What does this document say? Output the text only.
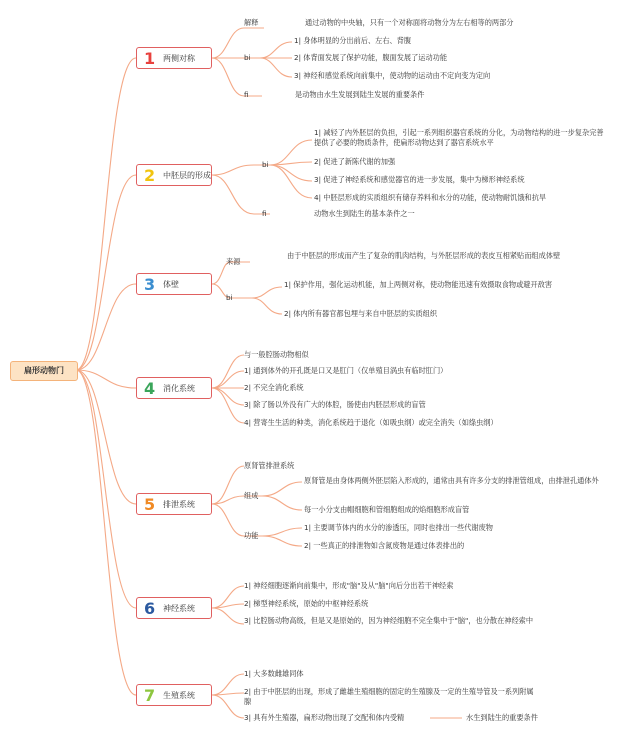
扁形动物门
1 两侧对称
解释	通过动物的中央轴，只有一个对称面将动物分为左右相等的两部分
bi
1| 身体明显的分出前后、左右、背腹
2| 体背面发展了保护功能，腹面发展了运动功能
3| 神经和感觉系统向前集中，使动物的运动由不定向变为定向
fi	是动物由水生发展到陆生发展的重要条件
2 中胚层的形成
bi
1| 减轻了内外胚层的负担，引起一系列组织器官系统的分化，为动物结构的进一步复杂完善提供了必要的物质条件，使扁形动物达到了器官系统水平
2| 促进了新陈代谢的加强
3| 促进了神经系统和感觉器官的进一步发展，集中为梯形神经系统
4| 中胚层形成的实质组织有储存养料和水分的功能，使动物耐饥饿和抗旱
fi	动物水生到陆生的基本条件之一
3 体壁
来源
由于中胚层的形成而产生了复杂的肌肉结构，与外胚层形成的表皮互相紧贴而组成体壁
bi
1| 保护作用，强化运动机能，加上两侧对称，使动物能迅速有效摄取食物或避开敌害
2| 体内所有器官都包埋与来自中胚层的实质组织
4 消化系统
与一般腔肠动物相似
1| 通到体外的开孔既是口又是肛门（仅单殖目涡虫有临时肛门）
2| 不完全消化系统
3| 除了肠以外没有广大的体腔，肠使由内胚层形成的盲管
4| 营寄生生活的种类，消化系统趋于退化（如吸虫纲）或完全消失（如绦虫纲）
5 排泄系统
原肾管排泄系统
组成
原肾管是由身体两侧外胚层陷入形成的，通常由具有许多分支的排泄管组成，由排泄孔通体外
每一小分支由帽细胞和管细胞组成的焰细胞形成盲管
功能
1| 主要调节体内的水分的渗透压，同时也排出一些代谢废物
2| 一些真正的排泄物如含氮废物是通过体表排出的
6 神经系统
1| 神经细胞逐渐向前集中，形成"脑"及从"脑"向后分出若干神经索
2| 梯型神经系统，原始的中枢神经系统
3| 比腔肠动物高级，但是又是原始的，因为神经细胞不完全集中于"脑"，也分散在神经索中
7 生殖系统
1| 大多数雌雄同体
2| 由于中胚层的出现，形成了雌雄生殖细胞的固定的生殖腺及一定的生殖导管及一系列附属腺
3| 具有外生殖器，扁形动物出现了交配和体内受精	水生到陆生的重要条件
